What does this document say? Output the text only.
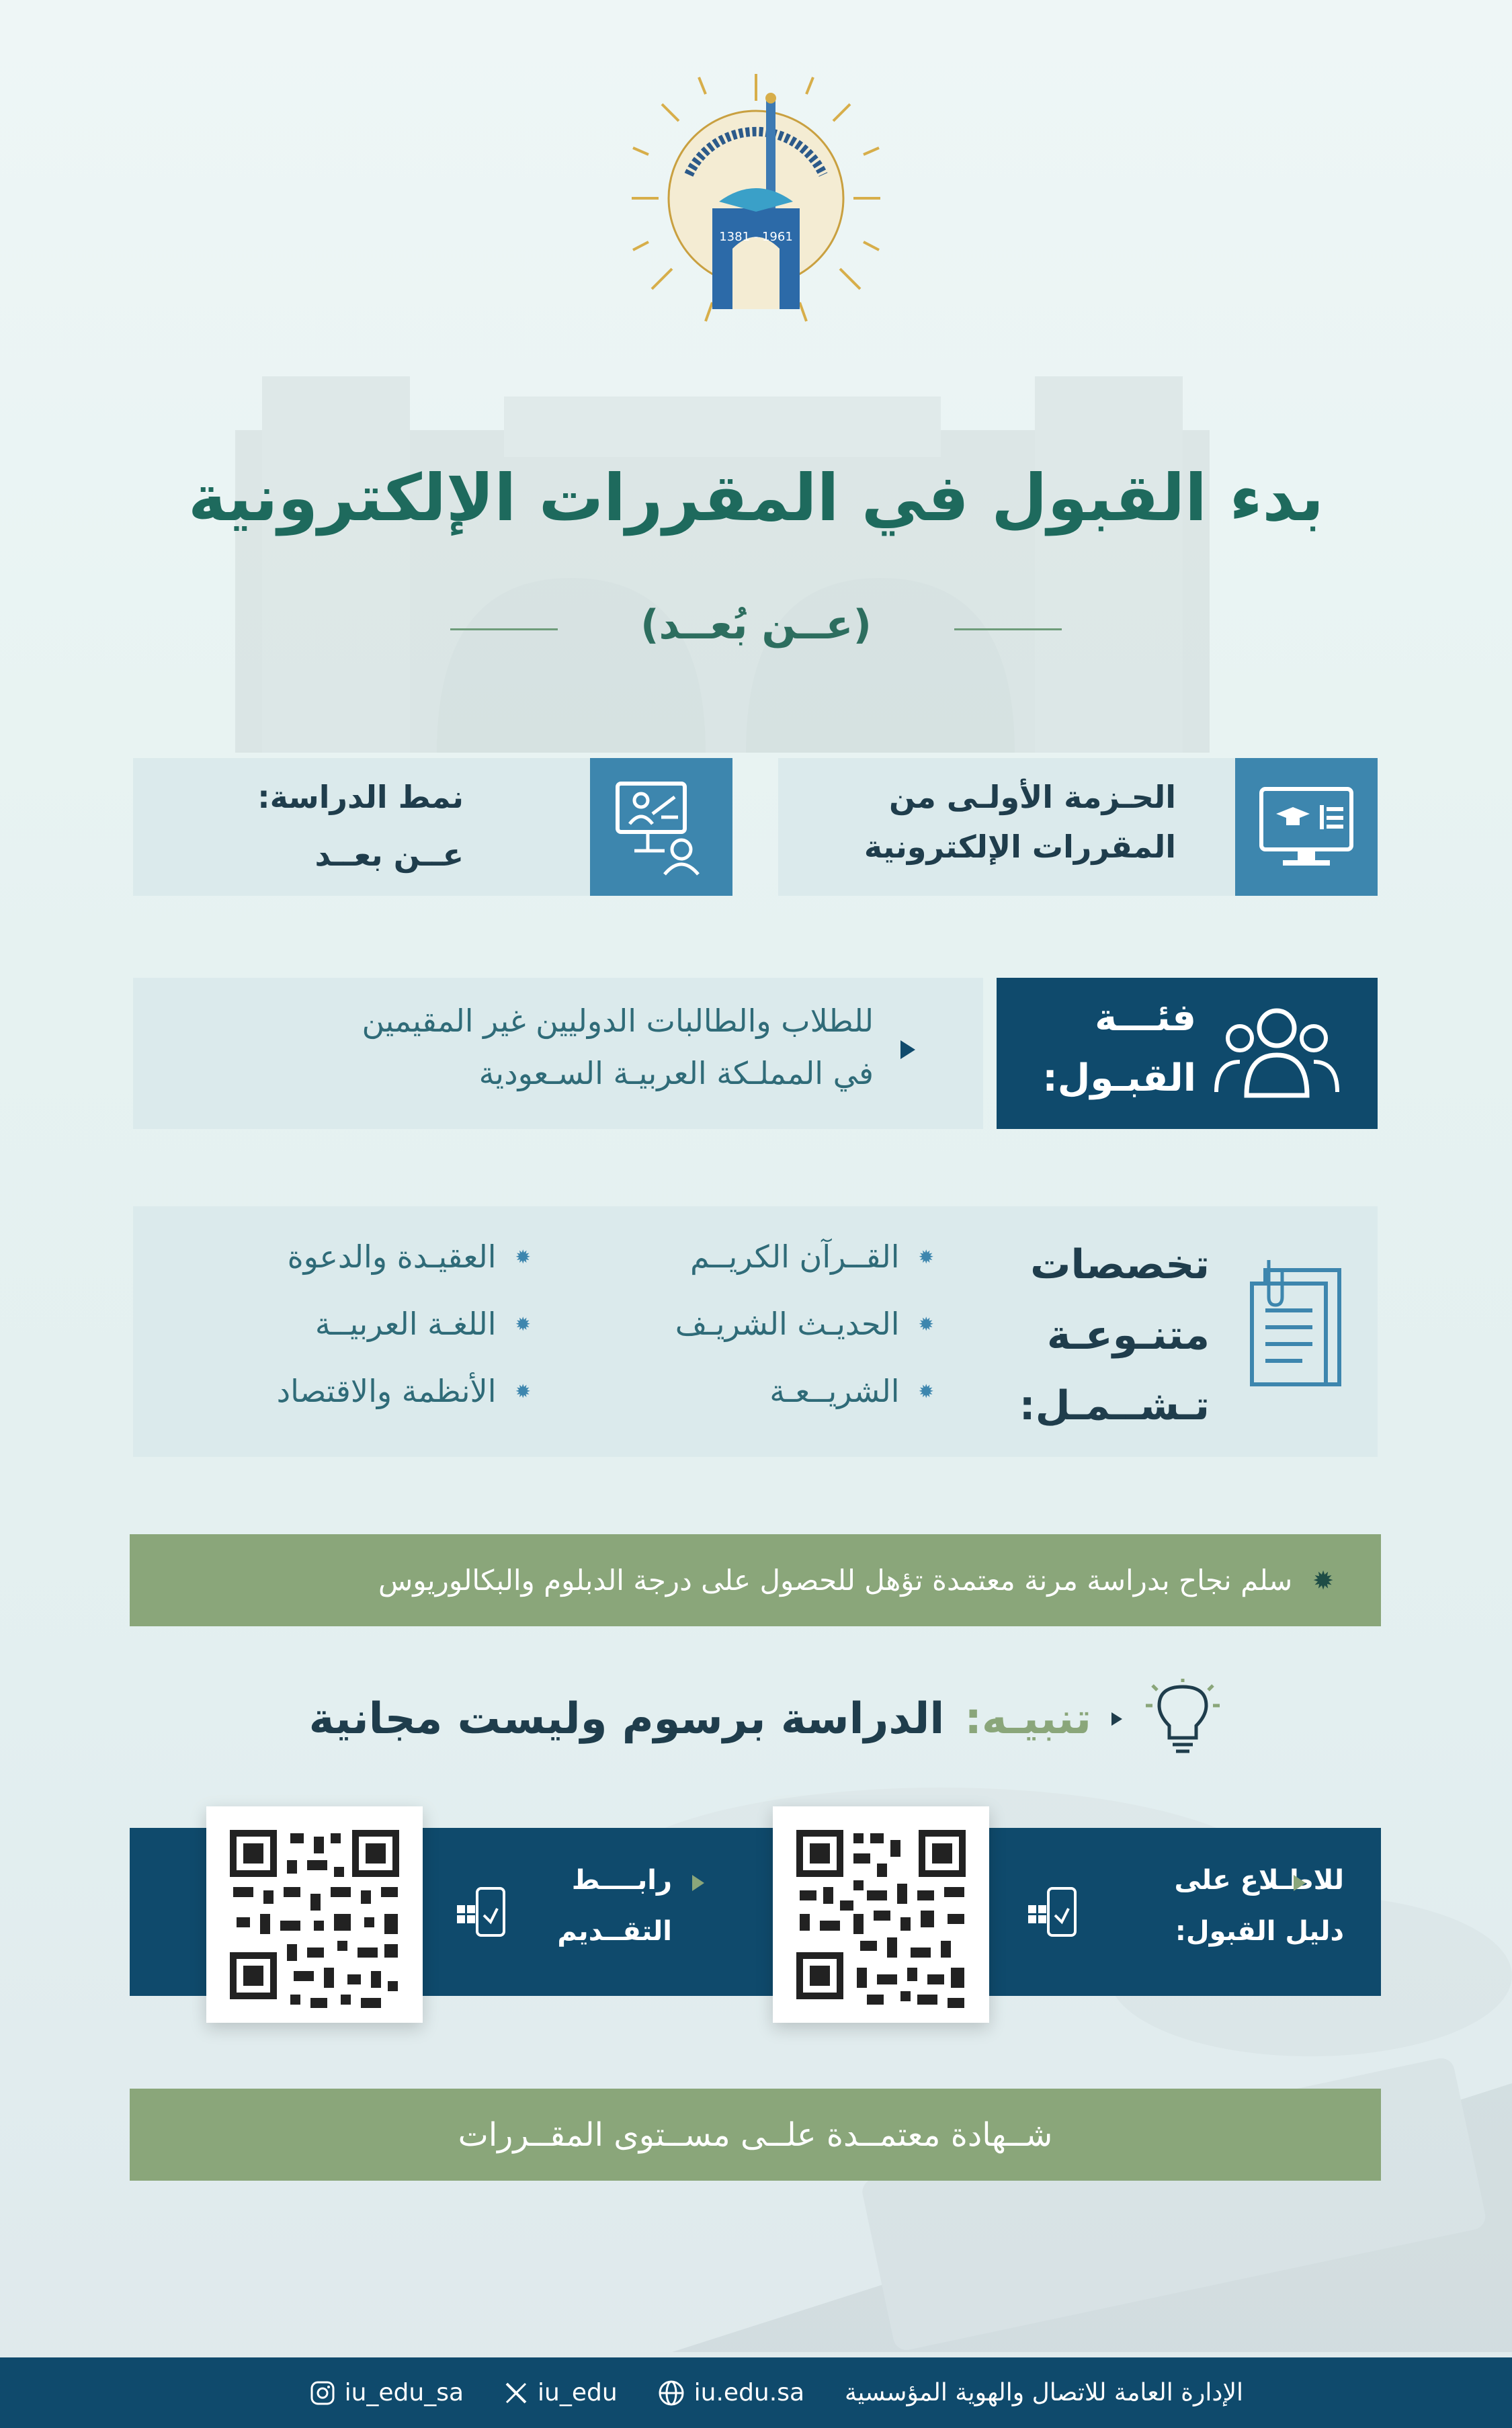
1381 - 1961
بدء القبول في المقررات الإلكترونية
(عــن بُعــد)
الحـزمة الأولـى من المقررات الإلكترونية
نمط الدراسة:
عــن بعــد
فئـــة
القبـول:
للطلاب والطالبات الدوليين غير المقيمين
في المملـكة العربيـة السـعودية
تخصصات
متنـوعـة
تـشــمـل:
✹
القــرآن الكريــم
✹
الحديـث الشريـف
✹
الشريــعـة
✹
العقيـدة والدعوة
✹
اللغـة العربيــة
✹
الأنظمة والاقتصاد
✹
سلم نجاح بدراسة مرنة معتمدة تؤهل للحصول على درجة الدبلوم والبكالوريوس
تنبيـه:
الدراسة برسوم وليست مجانية
للاطـلاع على
دليل القبول:
رابــــط
التقــديم
شــهادة معتمــدة علــى مســتوى المقــررات
الإدارة العامة للاتصال والهوية المؤسسية
iu.edu.sa
iu_edu
iu_edu_sa
